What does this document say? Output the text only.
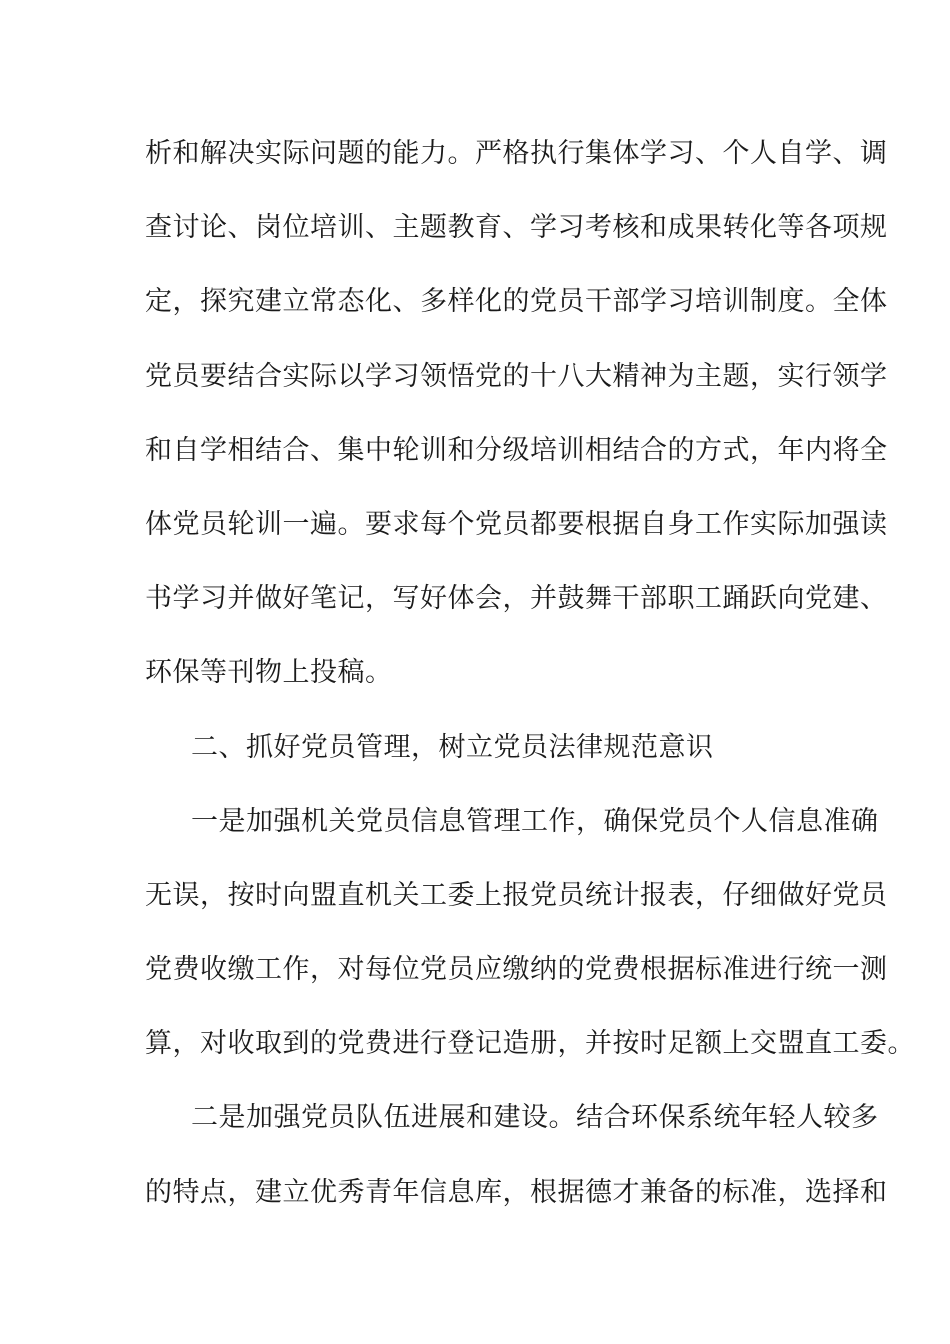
析和解决实际问题的能力。严格执行集体学习、个人自学、调
查讨论、岗位培训、主题教育、学习考核和成果转化等各项规
定，探究建立常态化、多样化的党员干部学习培训制度。全体
党员要结合实际以学习领悟党的十八大精神为主题，实行领学
和自学相结合、集中轮训和分级培训相结合的方式，年内将全
体党员轮训一遍。要求每个党员都要根据自身工作实际加强读
书学习并做好笔记，写好体会，并鼓舞干部职工踊跃向党建、
环保等刊物上投稿。
二、抓好党员管理，树立党员法律规范意识
一是加强机关党员信息管理工作，确保党员个人信息准确
无误，按时向盟直机关工委上报党员统计报表，仔细做好党员
党费收缴工作，对每位党员应缴纳的党费根据标准进行统一测
算，对收取到的党费进行登记造册，并按时足额上交盟直工委。
二是加强党员队伍进展和建设。结合环保系统年轻人较多
的特点，建立优秀青年信息库，根据德才兼备的标准，选择和
